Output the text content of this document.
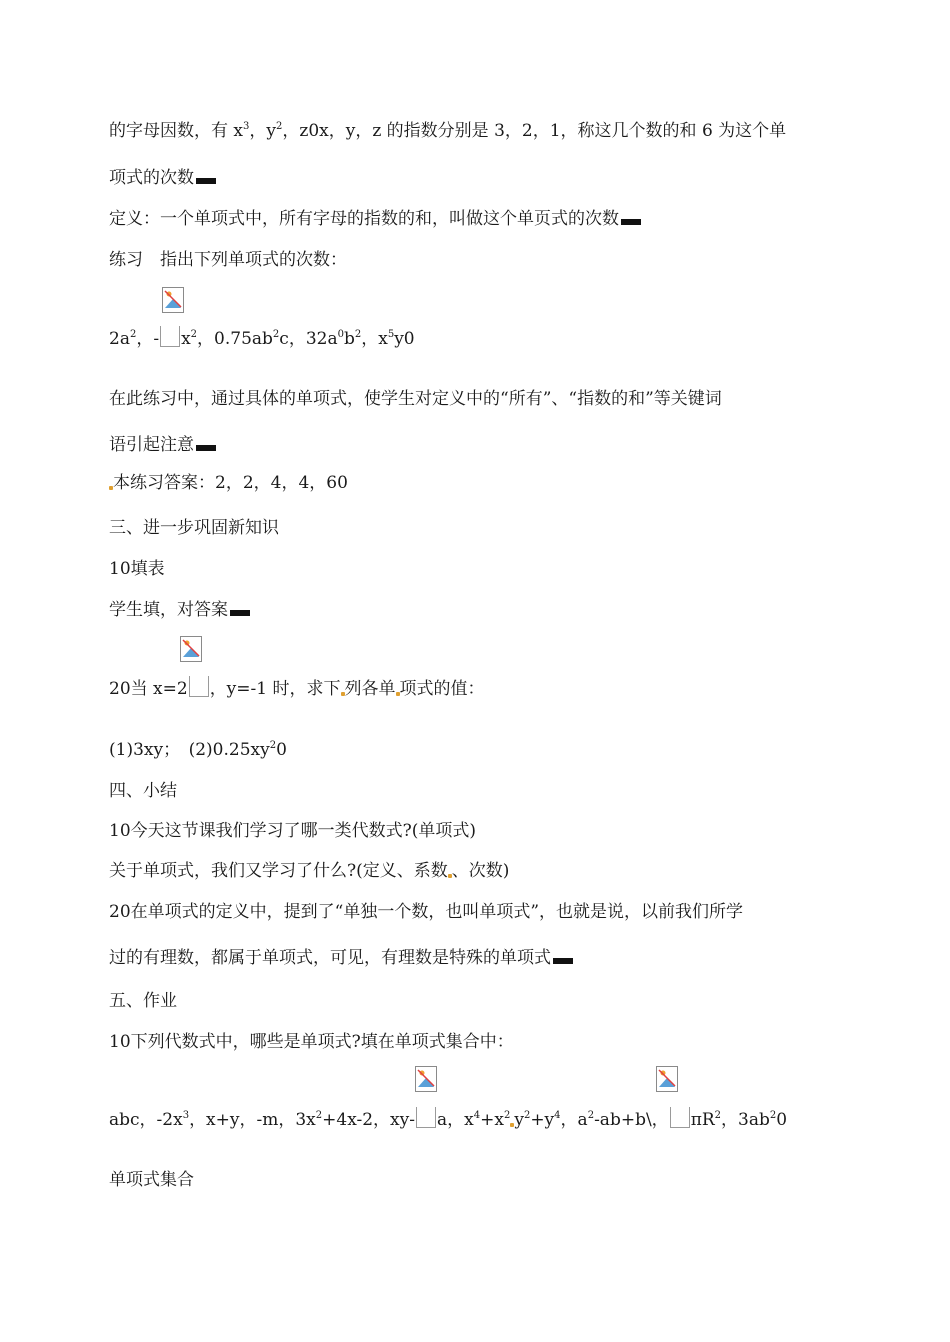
的字母因数，有 $x^3$，$y^2$，z0x，y，z 的指数分别是 3，2，1，称这几个数的和 6 为这个单
项式的次数
定义：一个单项式中，所有字母的指数的和，叫做这个单页式的次数
练习　指出下列单项式的次数：
$2a^2$，- $x^2$，$0.75ab^2c$，$32a^0b^2$，$x^5y0$
在此练习中，通过具体的单项式，使学生对定义中的“所有”、“指数的和”等关键词
语引起注意
本练习答案：2，2，4，4，60
三、进一步巩固新知识
10填表
学生填，对答案
20当 x=2 ，y=-1 时，求下 列各单 项式的值：
(1)3xy；　$(2)0.25xy^20$
四、小结
10今天这节课我们学习了哪一类代数式?(单项式)
关于单项式，我们又学习了什么?(定义、系数 、次数)
20在单项式的定义中，提到了“单独一个数，也叫单项式”，也就是说，以前我们所学
过的有理数，都属于单项式，可见，有理数是特殊的单项式
五、作业
10下列代数式中，哪些是单项式?填在单项式集合中：
abc，$-2x^3$，x+y，-m，$3x^2+4x-2$，xy- a，$x^4+x^2$ $y^2+y^4$，$a^2-ab+b\backslash$， $\pi R^2$，$3ab^20$
单项式集合
